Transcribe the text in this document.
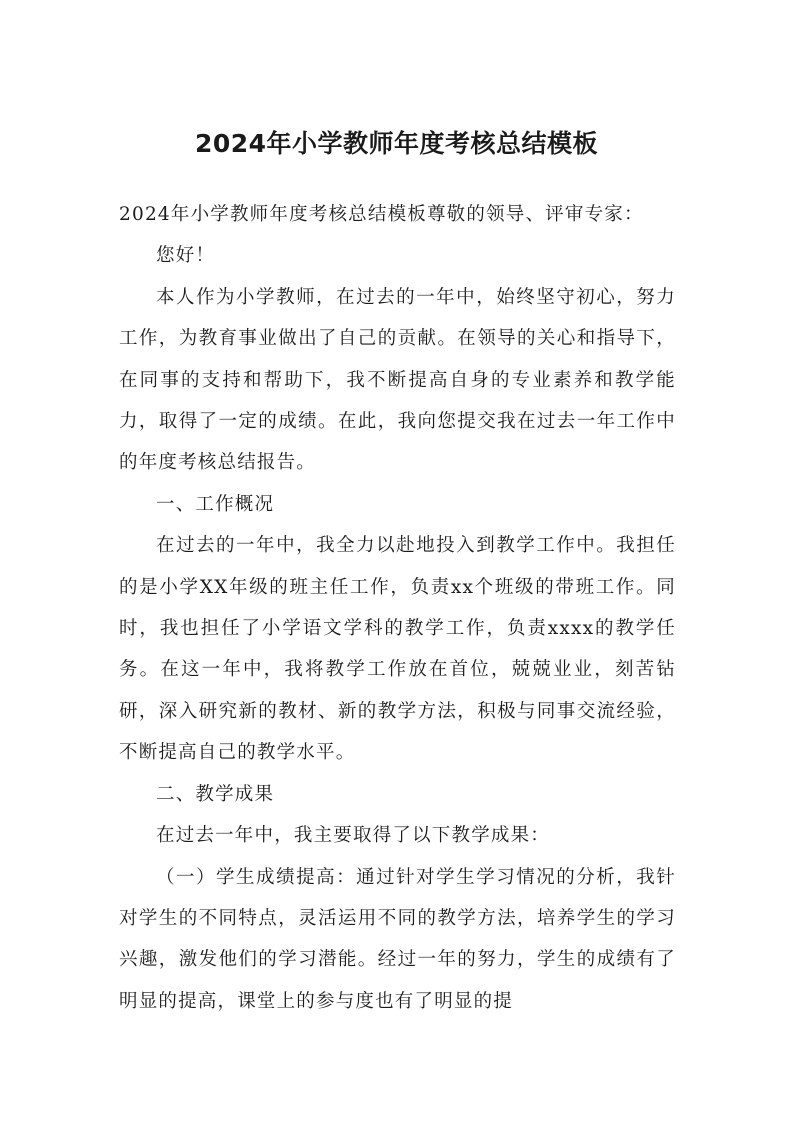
2024年小学教师年度考核总结模板

2024年小学教师年度考核总结模板尊敬的领导、评审专家：

您好！

本人作为小学教师，在过去的一年中，始终坚守初心，努力工作，为教育事业做出了自己的贡献。在领导的关心和指导下，在同事的支持和帮助下，我不断提高自身的专业素养和教学能力，取得了一定的成绩。在此，我向您提交我在过去一年工作中的年度考核总结报告。

一、工作概况

在过去的一年中，我全力以赴地投入到教学工作中。我担任的是小学XX年级的班主任工作，负责xx个班级的带班工作。同时，我也担任了小学语文学科的教学工作，负责xxxx的教学任务。在这一年中，我将教学工作放在首位，兢兢业业，刻苦钻研，深入研究新的教材、新的教学方法，积极与同事交流经验，不断提高自己的教学水平。

二、教学成果

在过去一年中，我主要取得了以下教学成果：

（一）学生成绩提高：通过针对学生学习情况的分析，我针对学生的不同特点，灵活运用不同的教学方法，培养学生的学习兴趣，激发他们的学习潜能。经过一年的努力，学生的成绩有了明显的提高，课堂上的参与度也有了明显的提
